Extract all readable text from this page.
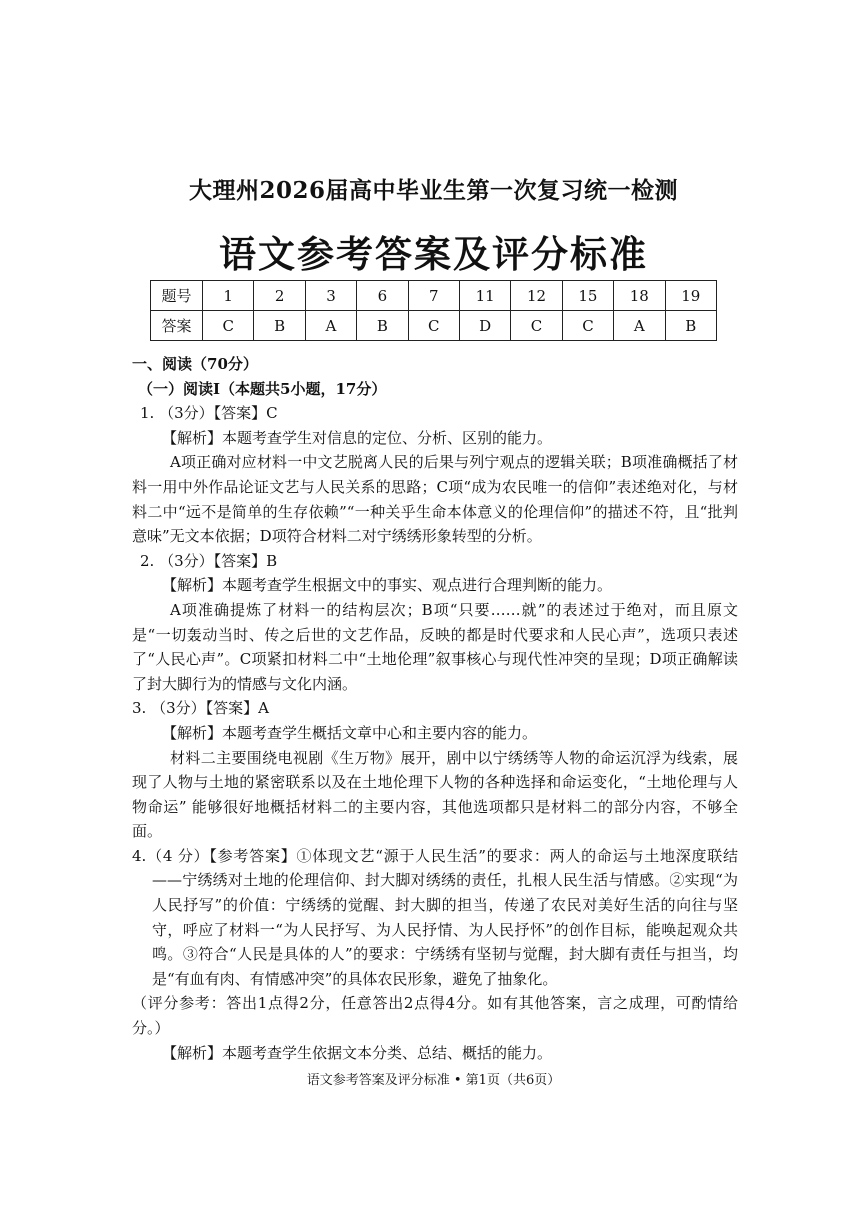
大理州2026届高中毕业生第一次复习统一检测
语文参考答案及评分标准
题号	1	2	3	6	7	11	12	15	18	19
答案	C	B	A	B	C	D	C	C	A	B

一、阅读（70分）

（一）阅读Ⅰ（本题共5小题，17分）

1. （3分）【答案】C

【解析】本题考查学生对信息的定位、分析、区别的能力。

A项正确对应材料一中文艺脱离人民的后果与列宁观点的逻辑关联；B项准确概括了材料一用中外作品论证文艺与人民关系的思路；C项“成为农民唯一的信仰”表述绝对化，与材料二中“远不是简单的生存依赖”“一种关乎生命本体意义的伦理信仰”的描述不符，且“批判意味”无文本依据；D项符合材料二对宁绣绣形象转型的分析。

2. （3分）【答案】B

【解析】本题考查学生根据文中的事实、观点进行合理判断的能力。

A项准确提炼了材料一的结构层次；B项“只要……就”的表述过于绝对，而且原文是“一切轰动当时、传之后世的文艺作品，反映的都是时代要求和人民心声”，选项只表述了“人民心声”。C项紧扣材料二中“土地伦理”叙事核心与现代性冲突的呈现；D项正确解读了封大脚行为的情感与文化内涵。

3. （3分）【答案】A

【解析】本题考查学生概括文章中心和主要内容的能力。

材料二主要围绕电视剧《生万物》展开，剧中以宁绣绣等人物的命运沉浮为线索，展现了人物与土地的紧密联系以及在土地伦理下人物的各种选择和命运变化，“土地伦理与人物命运” 能够很好地概括材料二的主要内容，其他选项都只是材料二的部分内容，不够全面。

4.（4 分）【参考答案】①体现文艺“源于人民生活”的要求：两人的命运与土地深度联结——宁绣绣对土地的伦理信仰、封大脚对绣绣的责任，扎根人民生活与情感。②实现“为人民抒写”的价值：宁绣绣的觉醒、封大脚的担当，传递了农民对美好生活的向往与坚守，呼应了材料一“为人民抒写、为人民抒情、为人民抒怀”的创作目标，能唤起观众共鸣。③符合“人民是具体的人”的要求：宁绣绣有坚韧与觉醒，封大脚有责任与担当，均是“有血有肉、有情感冲突”的具体农民形象，避免了抽象化。

（评分参考：答出1点得2分，任意答出2点得4分。如有其他答案，言之成理，可酌情给分。）

【解析】本题考查学生依据文本分类、总结、概括的能力。

语文参考答案及评分标准 • 第1页（共6页）
